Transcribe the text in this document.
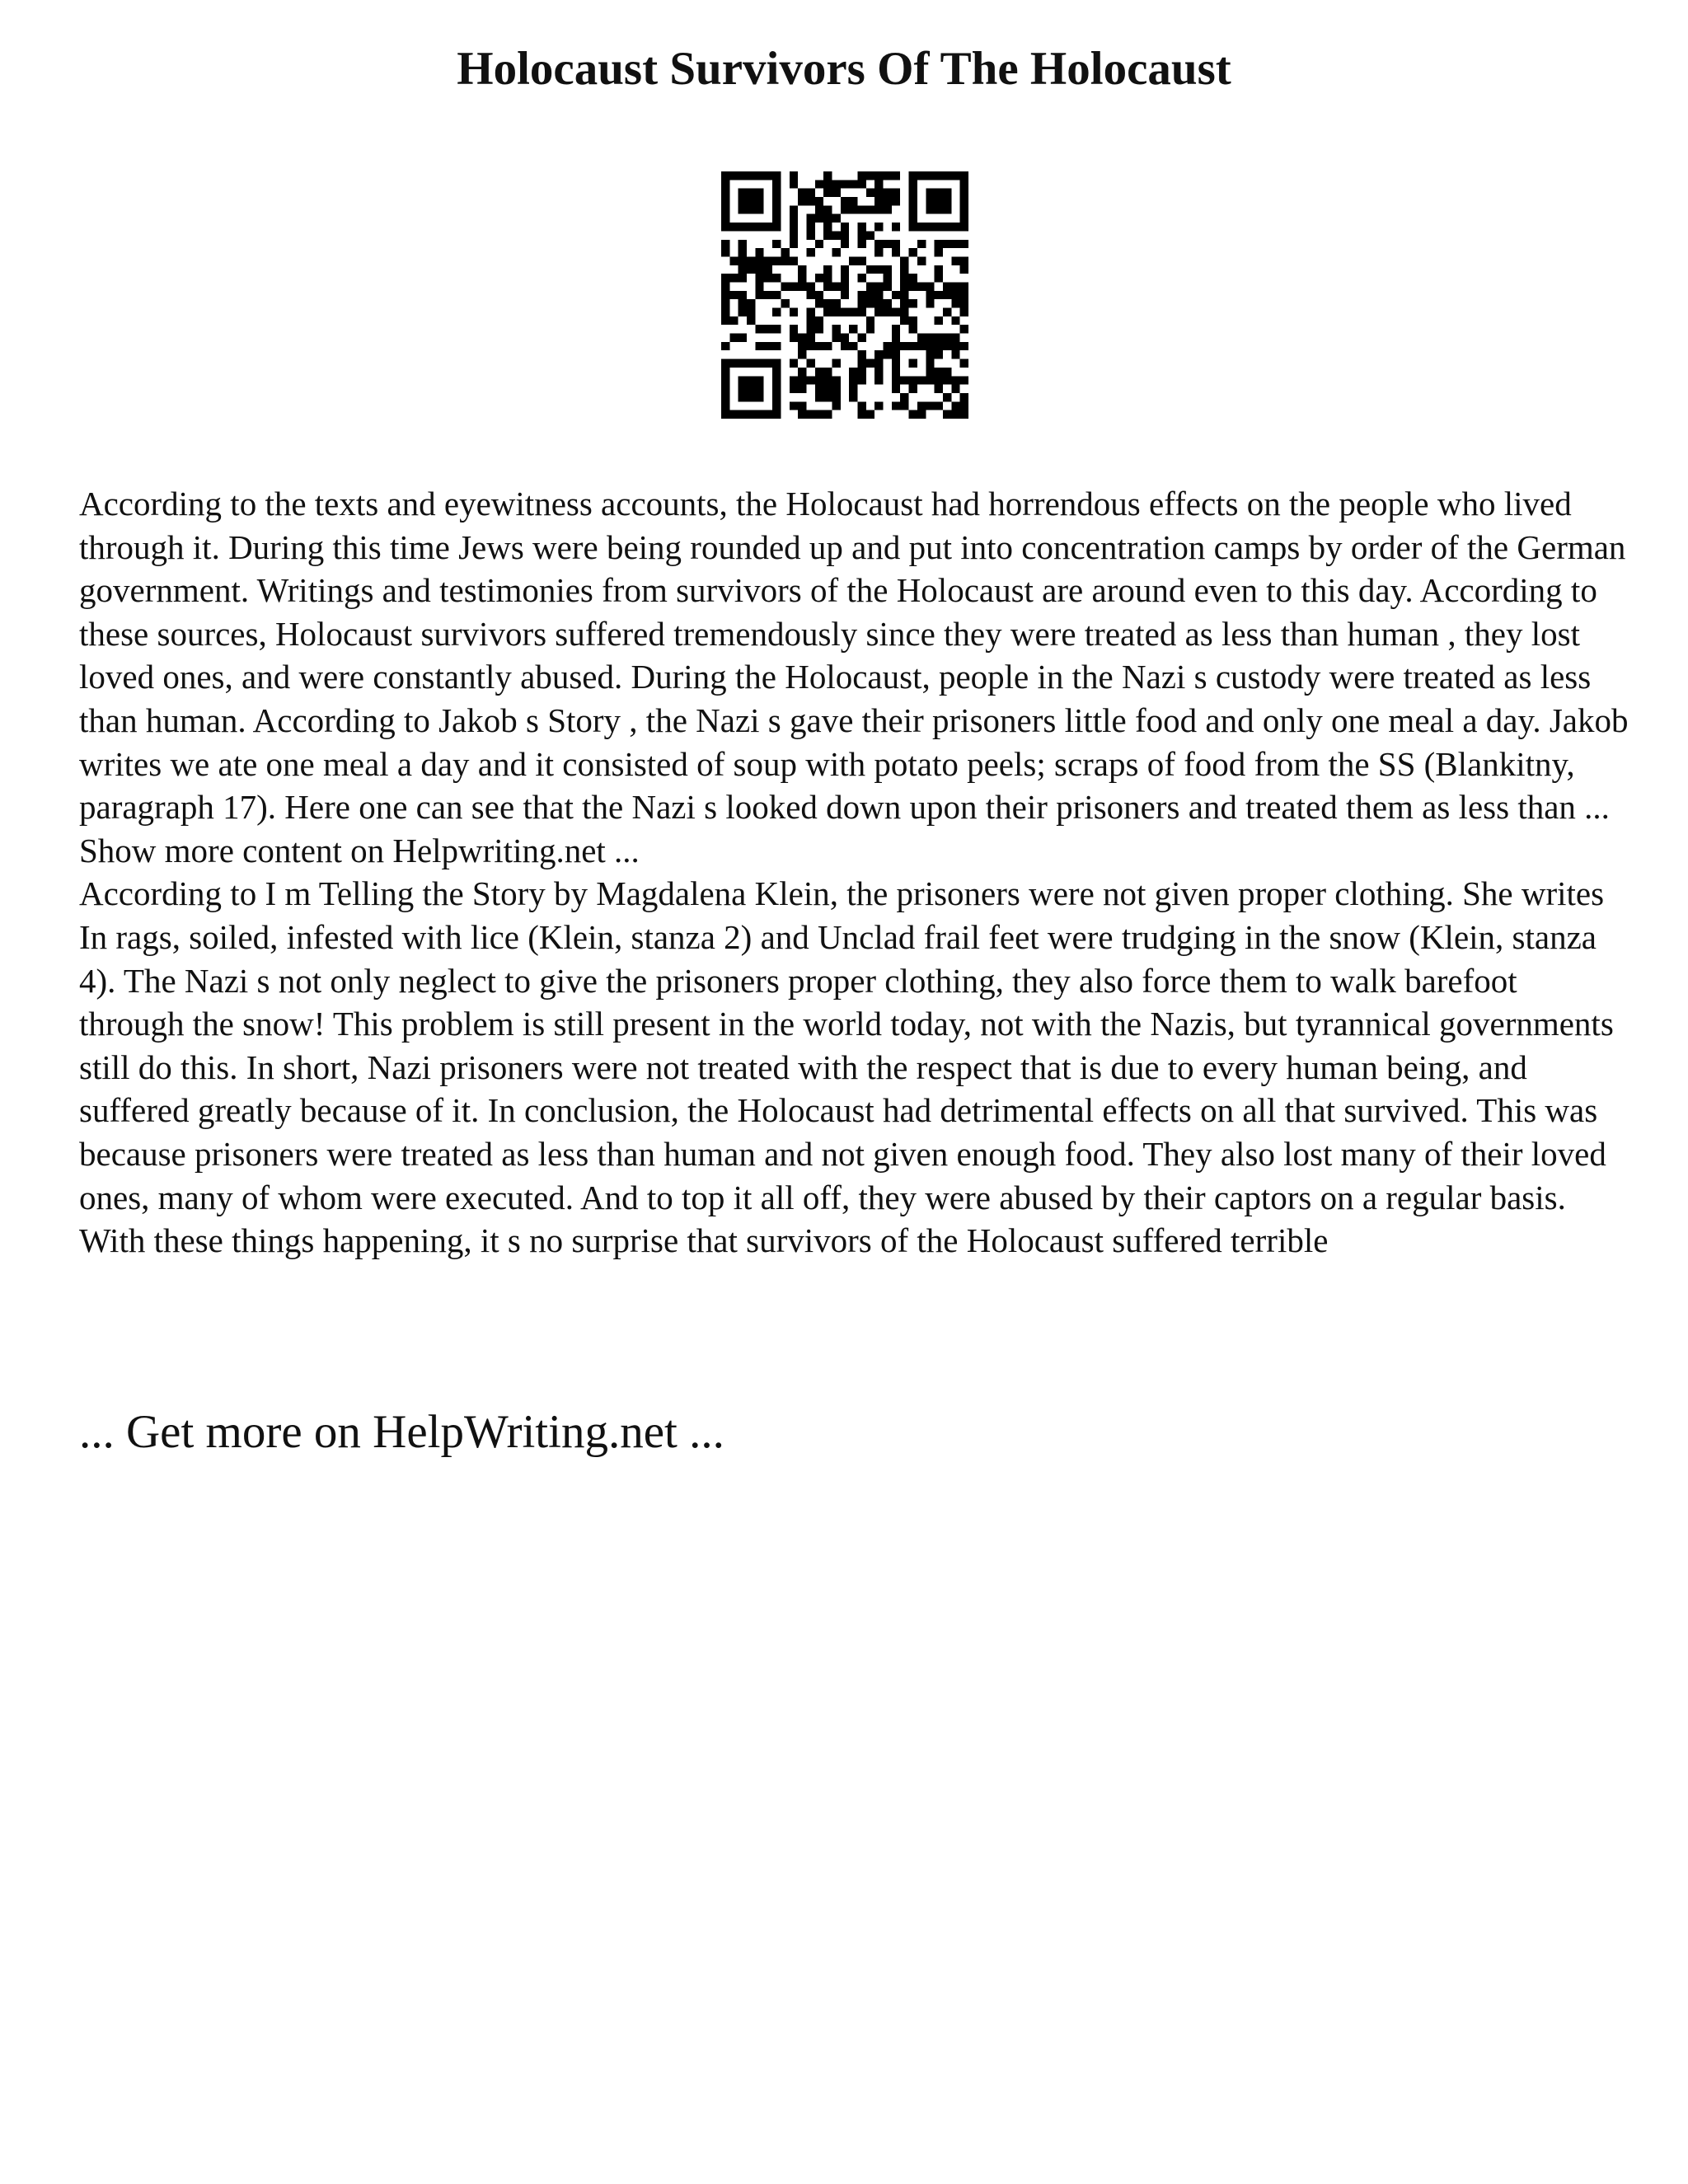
Holocaust Survivors Of The Holocaust

According to the texts and eyewitness accounts, the Holocaust had horrendous effects on the people who lived through it. During this time Jews were being rounded up and put into concentration camps by order of the German government. Writings and testimonies from survivors of the Holocaust are around even to this day. According to these sources, Holocaust survivors suffered tremendously since they were treated as less than human , they lost loved ones, and were constantly abused. During the Holocaust, people in the Nazi s custody were treated as less than human. According to Jakob s Story , the Nazi s gave their prisoners little food and only one meal a day. Jakob writes we ate one meal a day and it consisted of soup with potato peels; scraps of food from the SS (Blankitny, paragraph 17). Here one can see that the Nazi s looked down upon their prisoners and treated them as less than ... Show more content on Helpwriting.net ...

According to I m Telling the Story by Magdalena Klein, the prisoners were not given proper clothing. She writes In rags, soiled, infested with lice (Klein, stanza 2) and Unclad frail feet were trudging in the snow (Klein, stanza 4). The Nazi s not only neglect to give the prisoners proper clothing, they also force them to walk barefoot through the snow! This problem is still present in the world today, not with the Nazis, but tyrannical governments still do this. In short, Nazi prisoners were not treated with the respect that is due to every human being, and suffered greatly because of it. In conclusion, the Holocaust had detrimental effects on all that survived. This was because prisoners were treated as less than human and not given enough food. They also lost many of their loved ones, many of whom were executed. And to top it all off, they were abused by their captors on a regular basis. With these things happening, it s no surprise that survivors of the Holocaust suffered terrible

... Get more on HelpWriting.net ...
